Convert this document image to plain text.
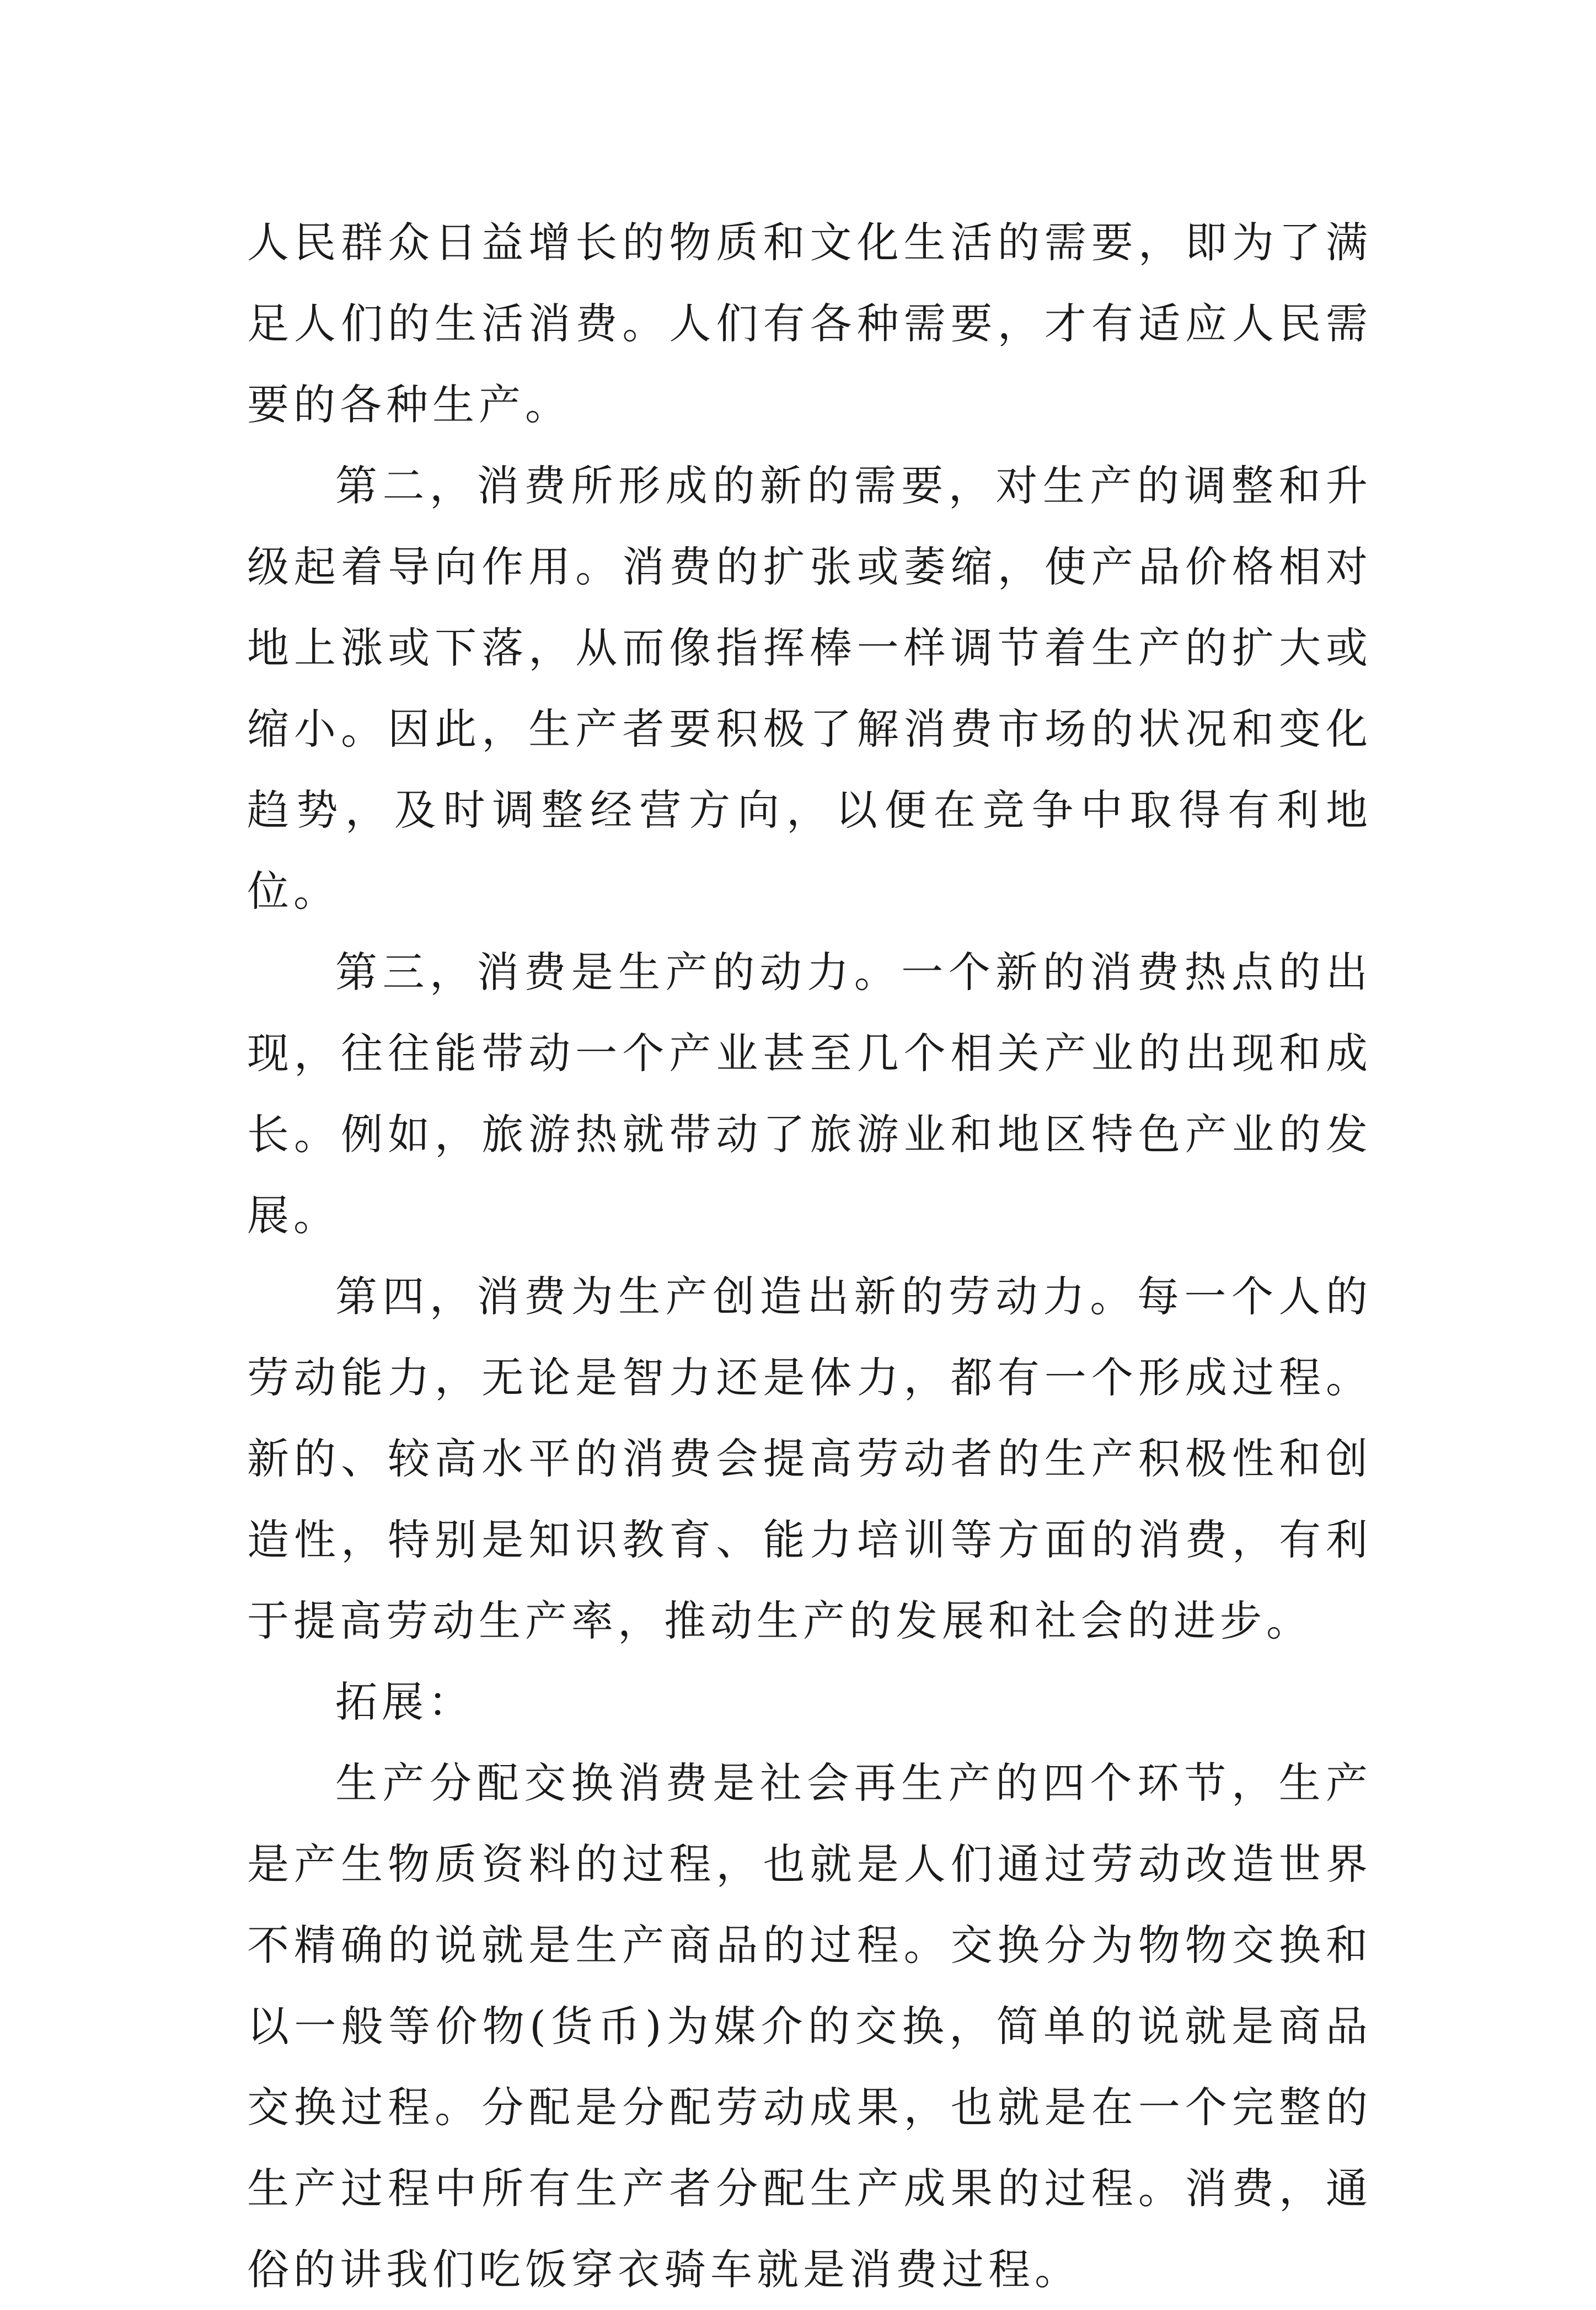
人民群众日益增长的物质和文化生活的需要，即为了满足人们的生活消费。人们有各种需要，才有适应人民需要的各种生产。

第二，消费所形成的新的需要，对生产的调整和升级起着导向作用。消费的扩张或萎缩，使产品价格相对地上涨或下落，从而像指挥棒一样调节着生产的扩大或缩小。因此，生产者要积极了解消费市场的状况和变化趋势，及时调整经营方向，以便在竞争中取得有利地位。

第三，消费是生产的动力。一个新的消费热点的出现，往往能带动一个产业甚至几个相关产业的出现和成长。例如，旅游热就带动了旅游业和地区特色产业的发展。

第四，消费为生产创造出新的劳动力。每一个人的劳动能力，无论是智力还是体力，都有一个形成过程。新的、较高水平的消费会提高劳动者的生产积极性和创造性，特别是知识教育、能力培训等方面的消费，有利于提高劳动生产率，推动生产的发展和社会的进步。

拓展：

生产分配交换消费是社会再生产的四个环节，生产是产生物质资料的过程，也就是人们通过劳动改造世界不精确的说就是生产商品的过程。交换分为物物交换和以一般等价物(货币)为媒介的交换，简单的说就是商品交换过程。分配是分配劳动成果，也就是在一个完整的生产过程中所有生产者分配生产成果的过程。消费，通俗的讲我们吃饭穿衣骑车就是消费过程。
